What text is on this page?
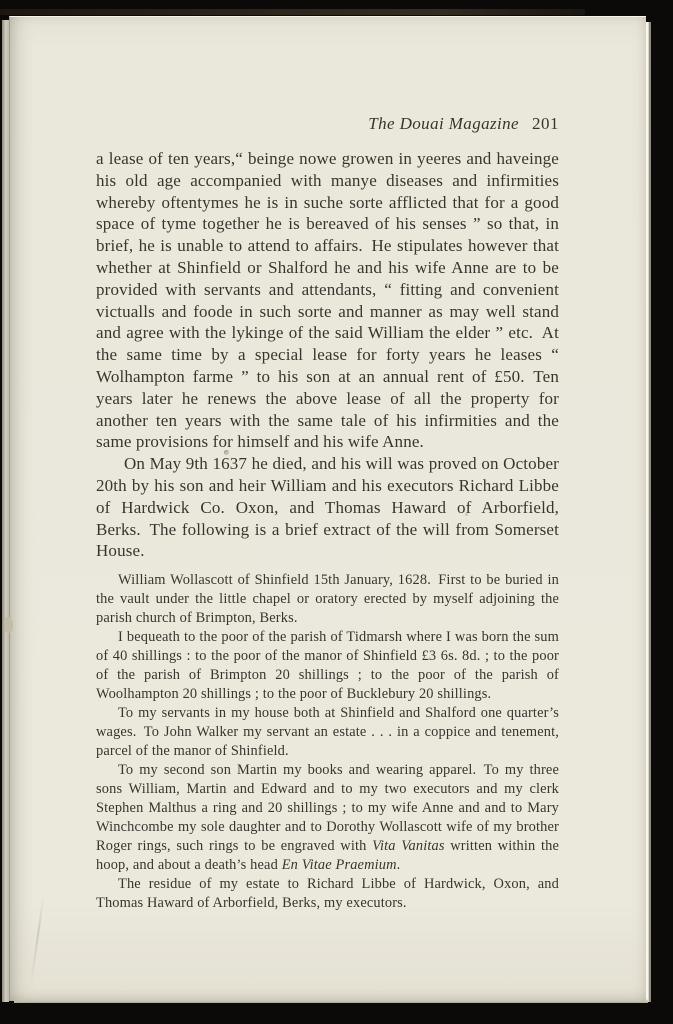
The Douai Magazine 201

a lease of ten years,“ beinge nowe growen in yeeres and haveinge his old age accompanied with manye diseases and infirmities whereby oftentymes he is in suche sorte afflicted that for a good space of tyme together he is bereaved of his senses ” so that, in brief, he is unable to attend to affairs. He stipulates however that whether at Shinfield or Shalford he and his wife Anne are to be provided with servants and attendants, “ fitting and convenient victualls and foode in such sorte and manner as may well stand and agree with the lykinge of the said William the elder ” etc. At the same time by a special lease for forty years he leases “ Wolhampton farme ” to his son at an annual rent of £50. Ten years later he renews the above lease of all the property for another ten years with the same tale of his infirmities and the same provisions for himself and his wife Anne.

On May 9th 1637 he died, and his will was proved on October 20th by his son and heir William and his executors Richard Libbe of Hardwick Co. Oxon, and Thomas Haward of Arborfield, Berks. The following is a brief extract of the will from Somerset House.

William Wollascott of Shinfield 15th January, 1628. First to be buried in the vault under the little chapel or oratory erected by myself adjoining the parish church of Brimpton, Berks.

I bequeath to the poor of the parish of Tidmarsh where I was born the sum of 40 shillings : to the poor of the manor of Shinfield £3 6s. 8d. ; to the poor of the parish of Brimpton 20 shillings ; to the poor of the parish of Woolhampton 20 shillings ; to the poor of Bucklebury 20 shillings.

To my servants in my house both at Shinfield and Shalford one quarter’s wages. To John Walker my servant an estate . . . in a coppice and tenement, parcel of the manor of Shinfield.

To my second son Martin my books and wearing apparel. To my three sons William, Martin and Edward and to my two executors and my clerk Stephen Malthus a ring and 20 shillings ; to my wife Anne and and to Mary Winchcombe my sole daughter and to Dorothy Wollascott wife of my brother Roger rings, such rings to be engraved with Vita Vanitas written within the hoop, and about a death’s head En Vitae Praemium.

The residue of my estate to Richard Libbe of Hardwick, Oxon, and Thomas Haward of Arborfield, Berks, my executors.
